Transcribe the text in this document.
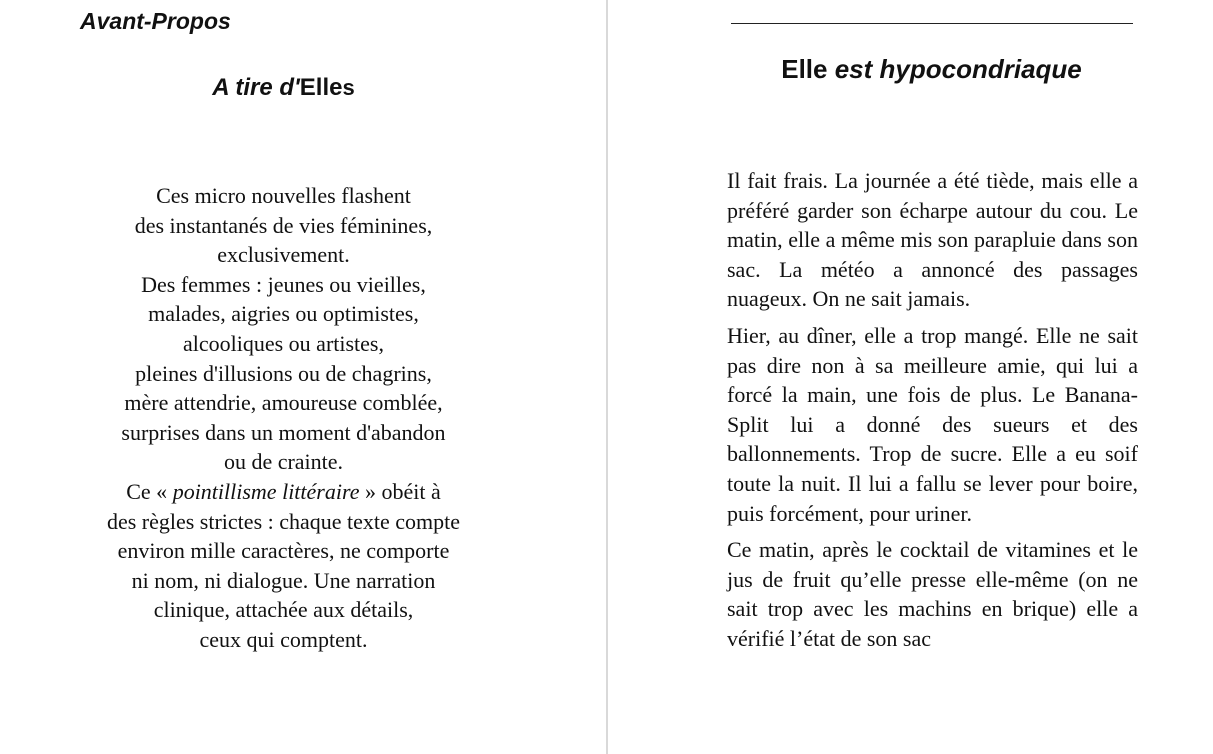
Avant-Propos
A tire d'Elles
Ces micro nouvelles flashent
des instantanés de vies féminines,
exclusivement.
Des femmes : jeunes ou vieilles,
malades, aigries ou optimistes,
alcooliques ou artistes,
pleines d'illusions ou de chagrins,
mère attendrie, amoureuse comblée,
surprises dans un moment d'abandon
ou de crainte.
Ce « pointillisme littéraire » obéit à
des règles strictes : chaque texte compte
environ mille caractères, ne comporte
ni nom, ni dialogue. Une narration
clinique, attachée aux détails,
ceux qui comptent.
Elle est hypocondriaque

Il fait frais. La journée a été tiède, mais elle a préféré garder son écharpe autour du cou. Le matin, elle a même mis son parapluie dans son sac. La météo a annoncé des passages nuageux. On ne sait jamais.

Hier, au dîner, elle a trop mangé. Elle ne sait pas dire non à sa meilleure amie, qui lui a forcé la main, une fois de plus. Le Banana-Split lui a donné des sueurs et des ballonnements. Trop de sucre. Elle a eu soif toute la nuit. Il lui a fallu se lever pour boire, puis forcément, pour uriner.

Ce matin, après le cocktail de vitamines et le jus de fruit qu’elle presse elle-même (on ne sait trop avec les machins en brique) elle a vérifié l’état de son sac
